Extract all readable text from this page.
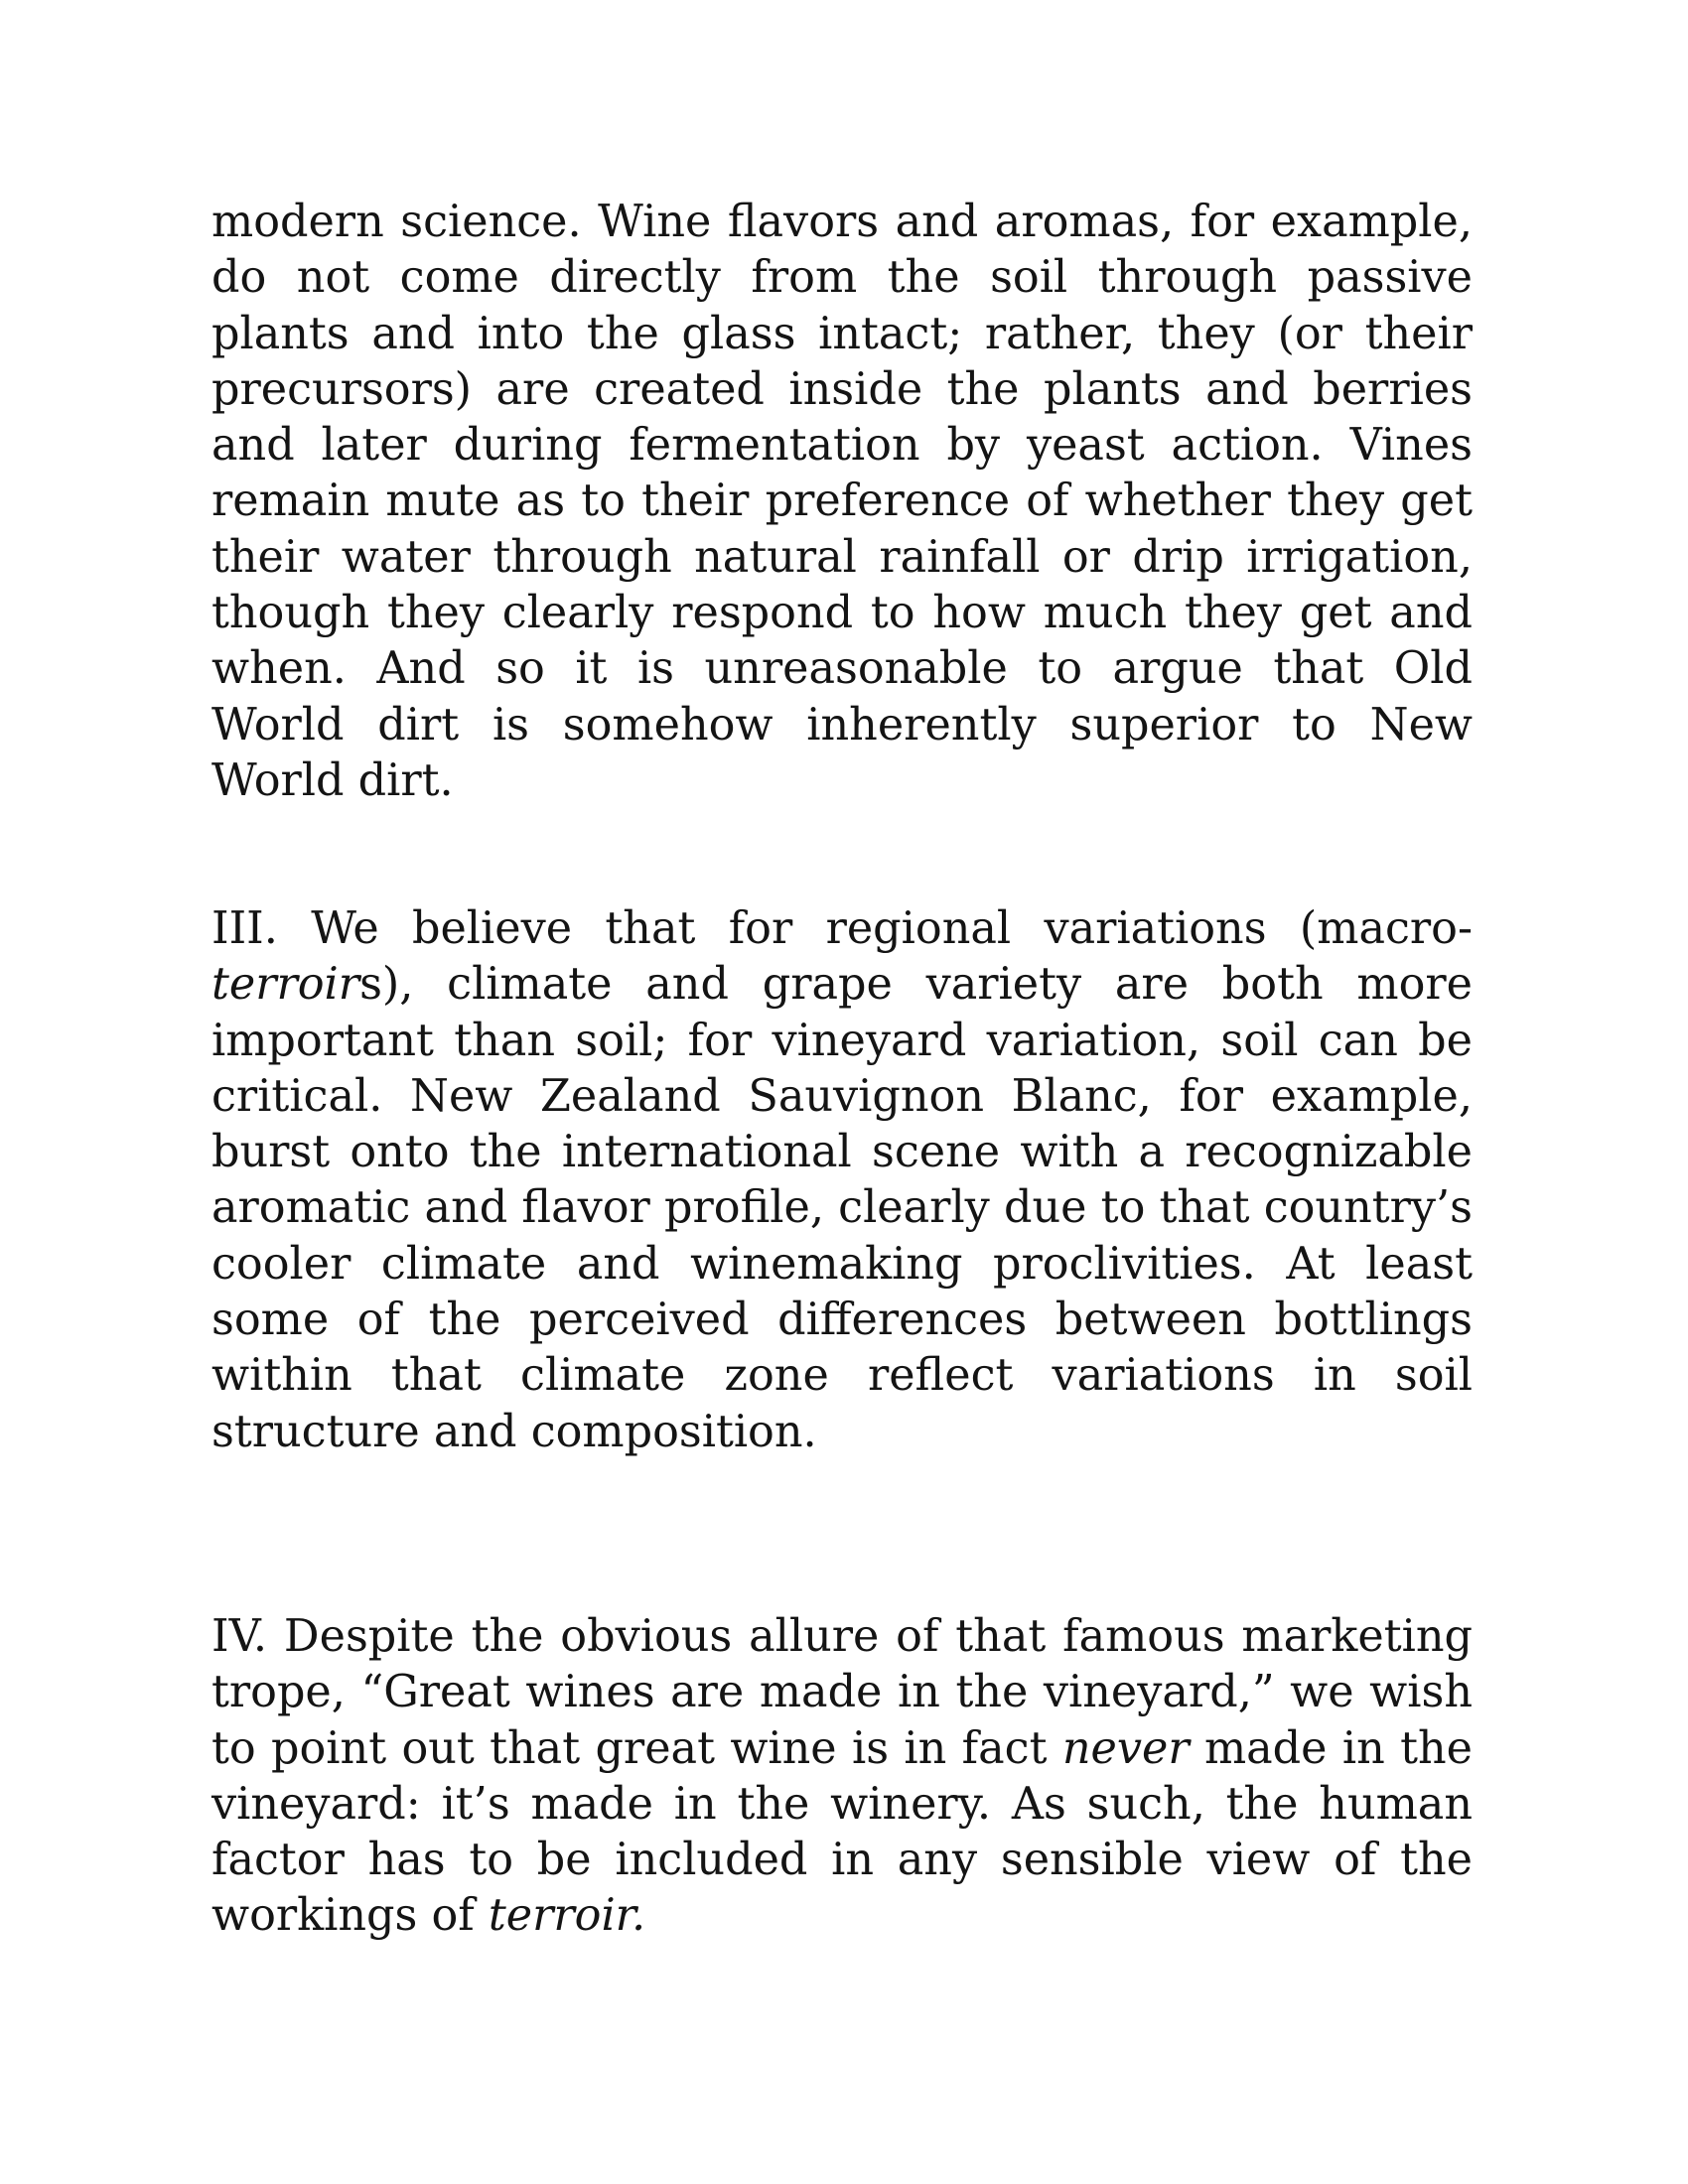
modern science. Wine flavors and aromas, for example, do not come directly from the soil through passive plants and into the glass intact; rather, they (or their precursors) are created inside the plants and berries and later during fermentation by yeast action. Vines remain mute as to their preference of whether they get their water through natural rainfall or drip irrigation, though they clearly respond to how much they get and when. And so it is unreasonable to argue that Old World dirt is somehow inherently superior to New World dirt.

III. We believe that for regional variations (macro-terroirs), climate and grape variety are both more important than soil; for vineyard variation, soil can be critical. New Zealand Sauvignon Blanc, for example, burst onto the international scene with a recognizable aromatic and flavor profile, clearly due to that country’s cooler climate and winemaking proclivities. At least some of the perceived differences between bottlings within that climate zone reflect variations in soil structure and composition.

IV. Despite the obvious allure of that famous marketing trope, “Great wines are made in the vineyard,” we wish to point out that great wine is in fact never made in the vineyard: it’s made in the winery. As such, the human factor has to be included in any sensible view of the workings of terroir.
